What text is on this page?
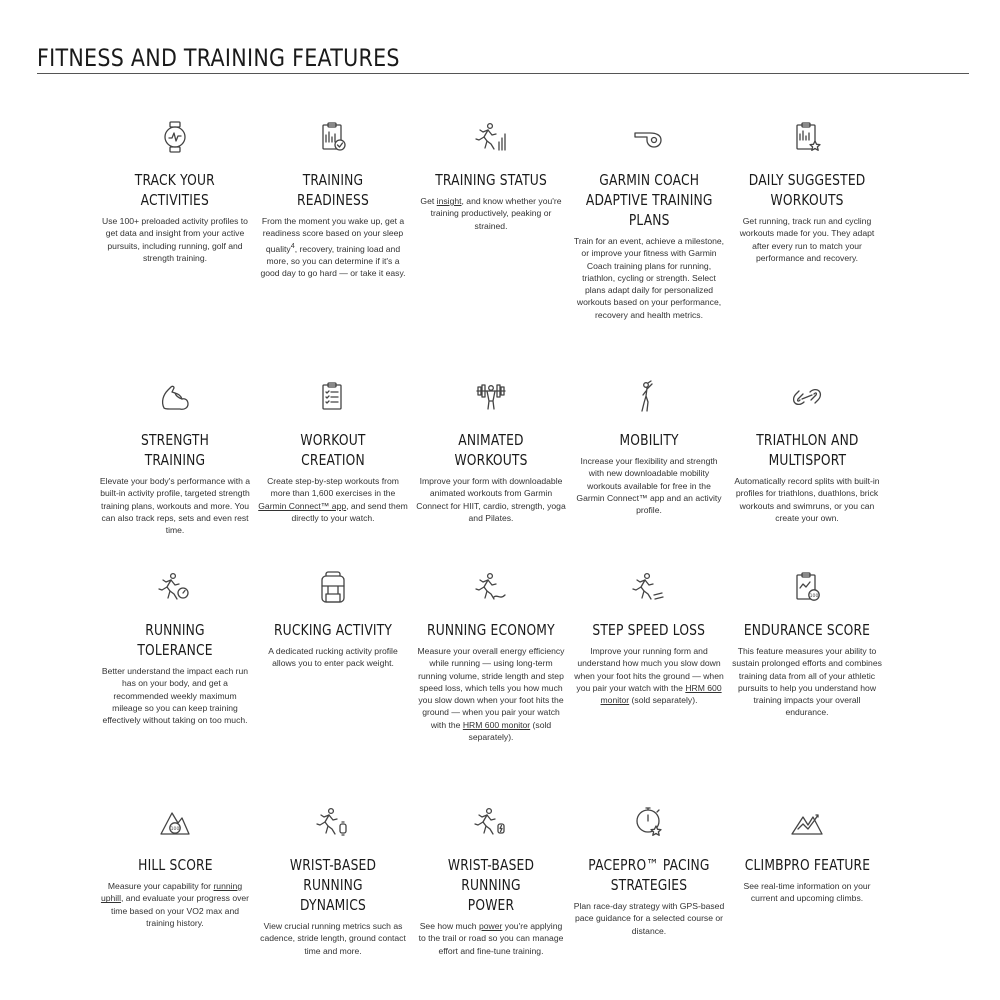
FITNESS AND TRAINING FEATURES
TRACK YOUR
ACTIVITIES
Use 100+ preloaded activity profiles to get data and insight from your active pursuits, including running, golf and strength training.
TRAINING READINESS
From the moment you wake up, get a readiness score based on your sleep quality$^4$, recovery, training load and more, so you can determine if it's a good day to go hard — or take it easy.
TRAINING STATUS
Get insight, and know whether you're training productively, peaking or strained.
GARMIN COACH
ADAPTIVE TRAINING
PLANS
Train for an event, achieve a milestone, or improve your fitness with Garmin Coach training plans for running, triathlon, cycling or strength. Select plans adapt daily for personalized workouts based on your performance, recovery and health metrics.
DAILY SUGGESTED
WORKOUTS
Get running, track run and cycling workouts made for you. They adapt after every run to match your performance and recovery.
STRENGTH TRAINING
Elevate your body's performance with a built-in activity profile, targeted strength training plans, workouts and more. You can also track reps, sets and even rest time.
WORKOUT CREATION
Create step-by-step workouts from more than 1,600 exercises in the Garmin Connect™ app, and send them directly to your watch.
ANIMATED WORKOUTS
Improve your form with downloadable animated workouts from Garmin Connect for HIIT, cardio, strength, yoga and Pilates.
MOBILITY
Increase your flexibility and strength with new downloadable mobility workouts available for free in the Garmin Connect™ app and an activity profile.
TRIATHLON AND
MULTISPORT
Automatically record splits with built-in profiles for triathlons, duathlons, brick workouts and swimruns, or you can create your own.
RUNNING TOLERANCE
Better understand the impact each run has on your body, and get a recommended weekly maximum mileage so you can keep training effectively without taking on too much.
RUCKING ACTIVITY
A dedicated rucking activity profile allows you to enter pack weight.
RUNNING ECONOMY
Measure your overall energy efficiency while running — using long-term running volume, stride length and step speed loss, which tells you how much you slow down when your foot hits the ground — when you pair your watch with the HRM 600 monitor (sold separately).
STEP SPEED LOSS
Improve your running form and understand how much you slow down when your foot hits the ground — when you pair your watch with the HRM 600 monitor (sold separately).
100
ENDURANCE SCORE
This feature measures your ability to sustain prolonged efforts and combines training data from all of your athletic pursuits to help you understand how training impacts your overall endurance.
100
HILL SCORE
Measure your capability for running uphill, and evaluate your progress over time based on your VO2 max and training history.
WRIST-BASED RUNNING
DYNAMICS
View crucial running metrics such as cadence, stride length, ground contact time and more.
WRIST-BASED RUNNING
POWER
See how much power you're applying to the trail or road so you can manage effort and fine-tune training.
PACEPRO™ PACING
STRATEGIES
Plan race-day strategy with GPS-based pace guidance for a selected course or distance.
CLIMBPRO FEATURE
See real-time information on your current and upcoming climbs.
